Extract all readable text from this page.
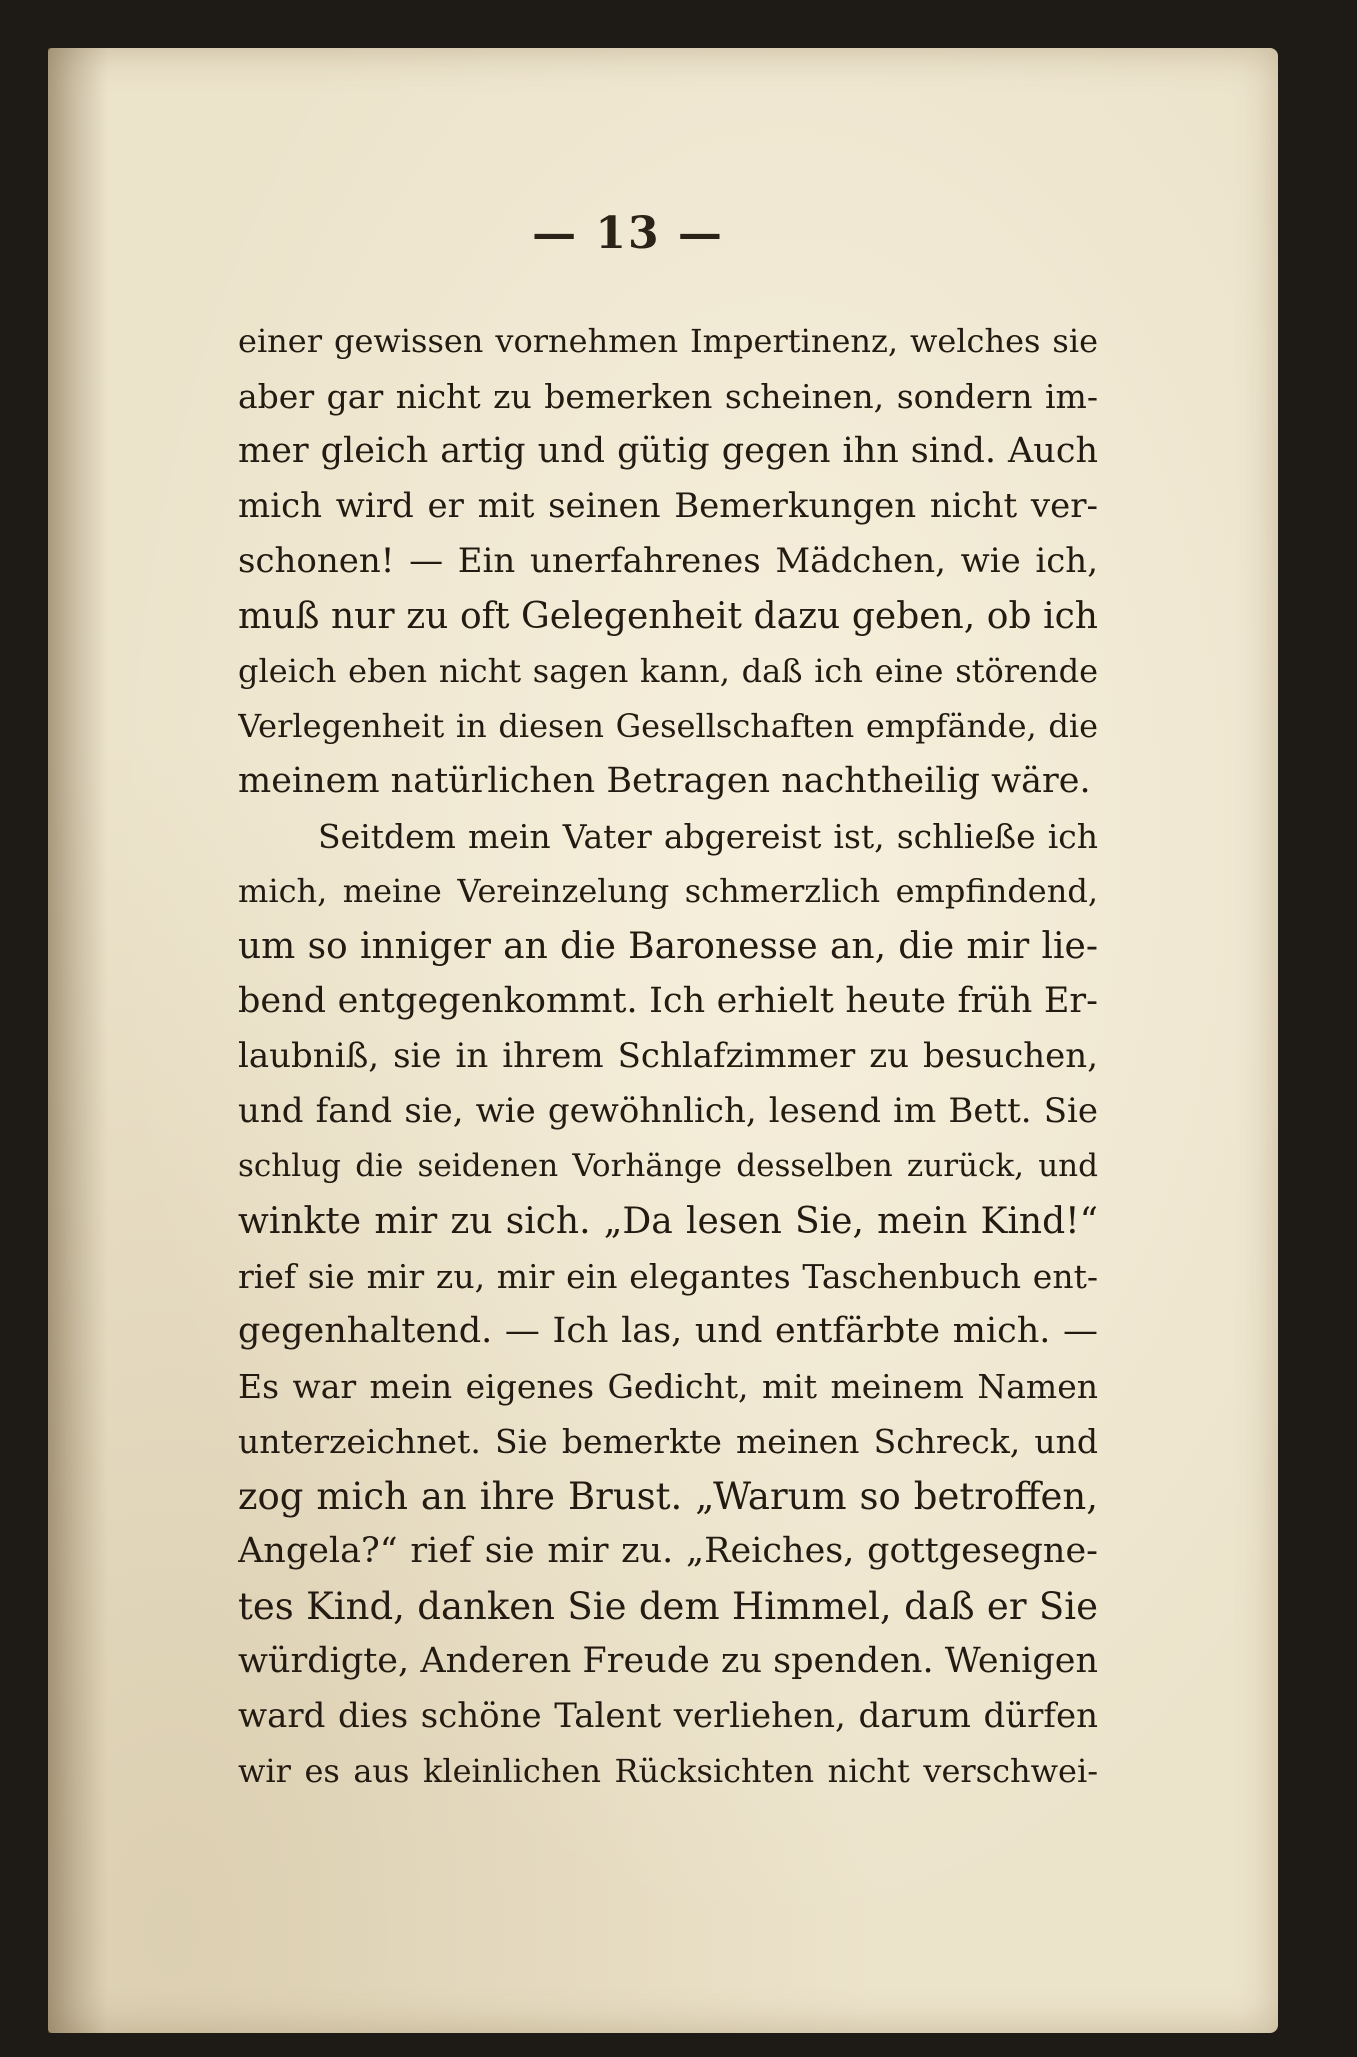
— 13 —
einer gewissen vornehmen Impertinenz, welches sie
aber gar nicht zu bemerken scheinen, sondern im-
mer gleich artig und gütig gegen ihn sind. Auch
mich wird er mit seinen Bemerkungen nicht ver-
schonen! — Ein unerfahrenes Mädchen, wie ich,
muß nur zu oft Gelegenheit dazu geben, ob ich
gleich eben nicht sagen kann, daß ich eine störende
Verlegenheit in diesen Gesellschaften empfände, die
meinem natürlichen Betragen nachtheilig wäre.
Seitdem mein Vater abgereist ist, schließe ich
mich, meine Vereinzelung schmerzlich empfindend,
um so inniger an die Baronesse an, die mir lie-
bend entgegenkommt. Ich erhielt heute früh Er-
laubniß, sie in ihrem Schlafzimmer zu besuchen,
und fand sie, wie gewöhnlich, lesend im Bett. Sie
schlug die seidenen Vorhänge desselben zurück, und
winkte mir zu sich. „Da lesen Sie, mein Kind!“
rief sie mir zu, mir ein elegantes Taschenbuch ent-
gegenhaltend. — Ich las, und entfärbte mich. —
Es war mein eigenes Gedicht, mit meinem Namen
unterzeichnet. Sie bemerkte meinen Schreck, und
zog mich an ihre Brust. „Warum so betroffen,
Angela?“ rief sie mir zu. „Reiches, gottgesegne-
tes Kind, danken Sie dem Himmel, daß er Sie
würdigte, Anderen Freude zu spenden. Wenigen
ward dies schöne Talent verliehen, darum dürfen
wir es aus kleinlichen Rücksichten nicht verschwei-
